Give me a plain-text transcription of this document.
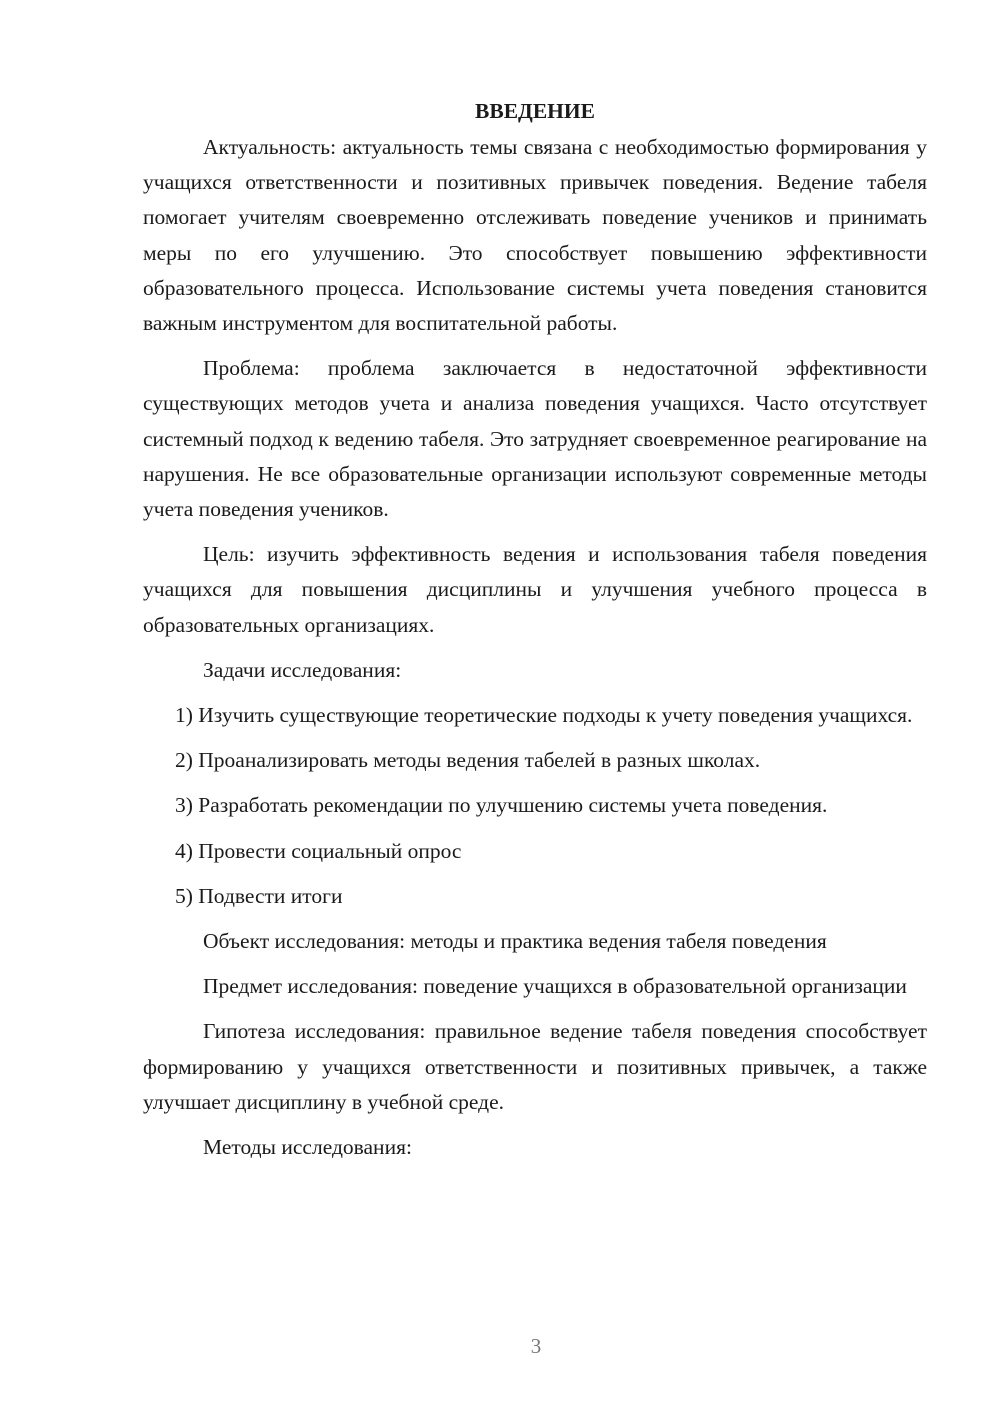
ВВЕДЕНИЕ

Актуальность: актуальность темы связана с необходимостью формирования у учащихся ответственности и позитивных привычек поведения. Ведение табеля помогает учителям своевременно отслеживать поведение учеников и принимать меры по его улучшению. Это способствует повышению эффективности образовательного процесса. Использование системы учета поведения становится важным инструментом для воспитательной работы.

Проблема: проблема заключается в недостаточной эффективности существующих методов учета и анализа поведения учащихся. Часто отсутствует системный подход к ведению табеля. Это затрудняет своевременное реагирование на нарушения. Не все образовательные организации используют современные методы учета поведения учеников.

Цель: изучить эффективность ведения и использования табеля поведения учащихся для повышения дисциплины и улучшения учебного процесса в образовательных организациях.

Задачи исследования:

1) Изучить существующие теоретические подходы к учету поведения учащихся.

2) Проанализировать методы ведения табелей в разных школах.

3) Разработать рекомендации по улучшению системы учета поведения.

4) Провести социальный опрос

5) Подвести итоги

Объект исследования: методы и практика ведения табеля поведения

Предмет исследования: поведение учащихся в образовательной организации

Гипотеза исследования: правильное ведение табеля поведения способствует формированию у учащихся ответственности и позитивных привычек, а также улучшает дисциплину в учебной среде.

Методы исследования:

3
